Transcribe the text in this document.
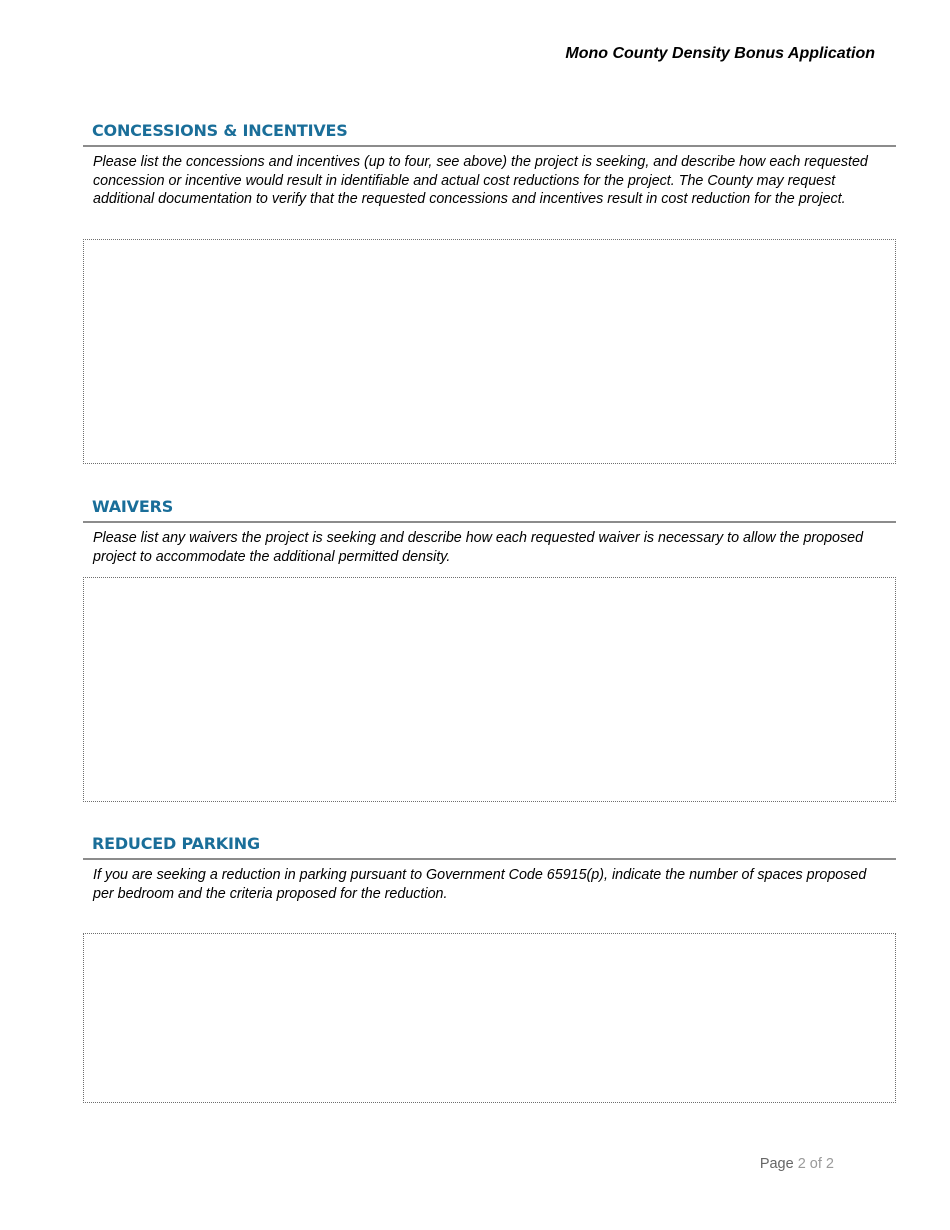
Mono County Density Bonus Application
CONCESSIONS & INCENTIVES
Please list the concessions and incentives (up to four, see above) the project is seeking, and describe how each requested concession or incentive would result in identifiable and actual cost reductions for the project. The County may request additional documentation to verify that the requested concessions and incentives result in cost reduction for the project.
WAIVERS
Please list any waivers the project is seeking and describe how each requested waiver is necessary to allow the proposed project to accommodate the additional permitted density.
REDUCED PARKING
If you are seeking a reduction in parking pursuant to Government Code 65915(p), indicate the number of spaces proposed per bedroom and the criteria proposed for the reduction.
Page 2 of 2
